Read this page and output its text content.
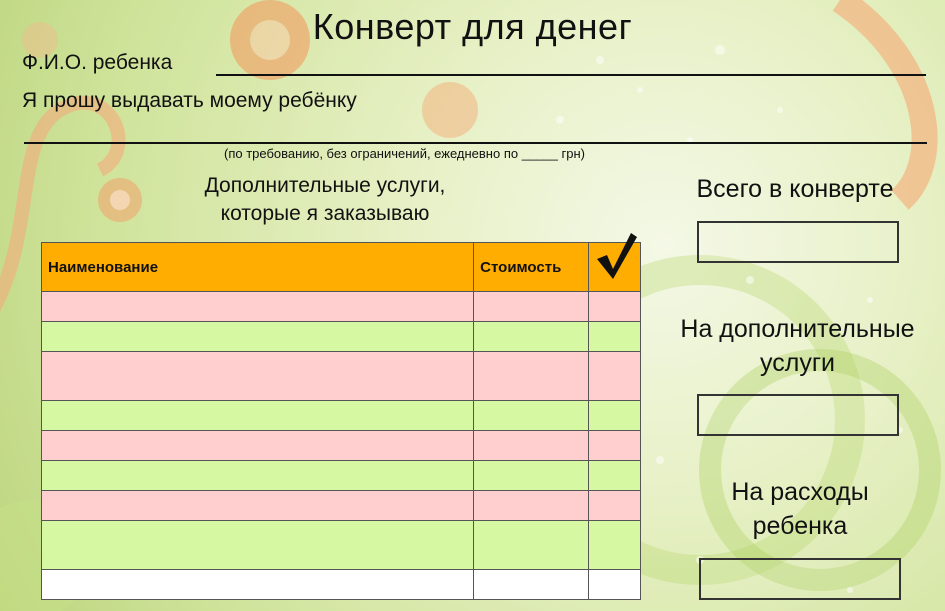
Конверт для денег
Ф.И.О. ребенка
Я прошу выдавать моему ребёнку
(по требованию, без ограничений, ежедневно по _____ грн)
Дополнительные услуги,
которые я заказываю
Наименование	Стоимость	

Всего в конверте
На дополнительные
услуги
На расходы
ребенка
